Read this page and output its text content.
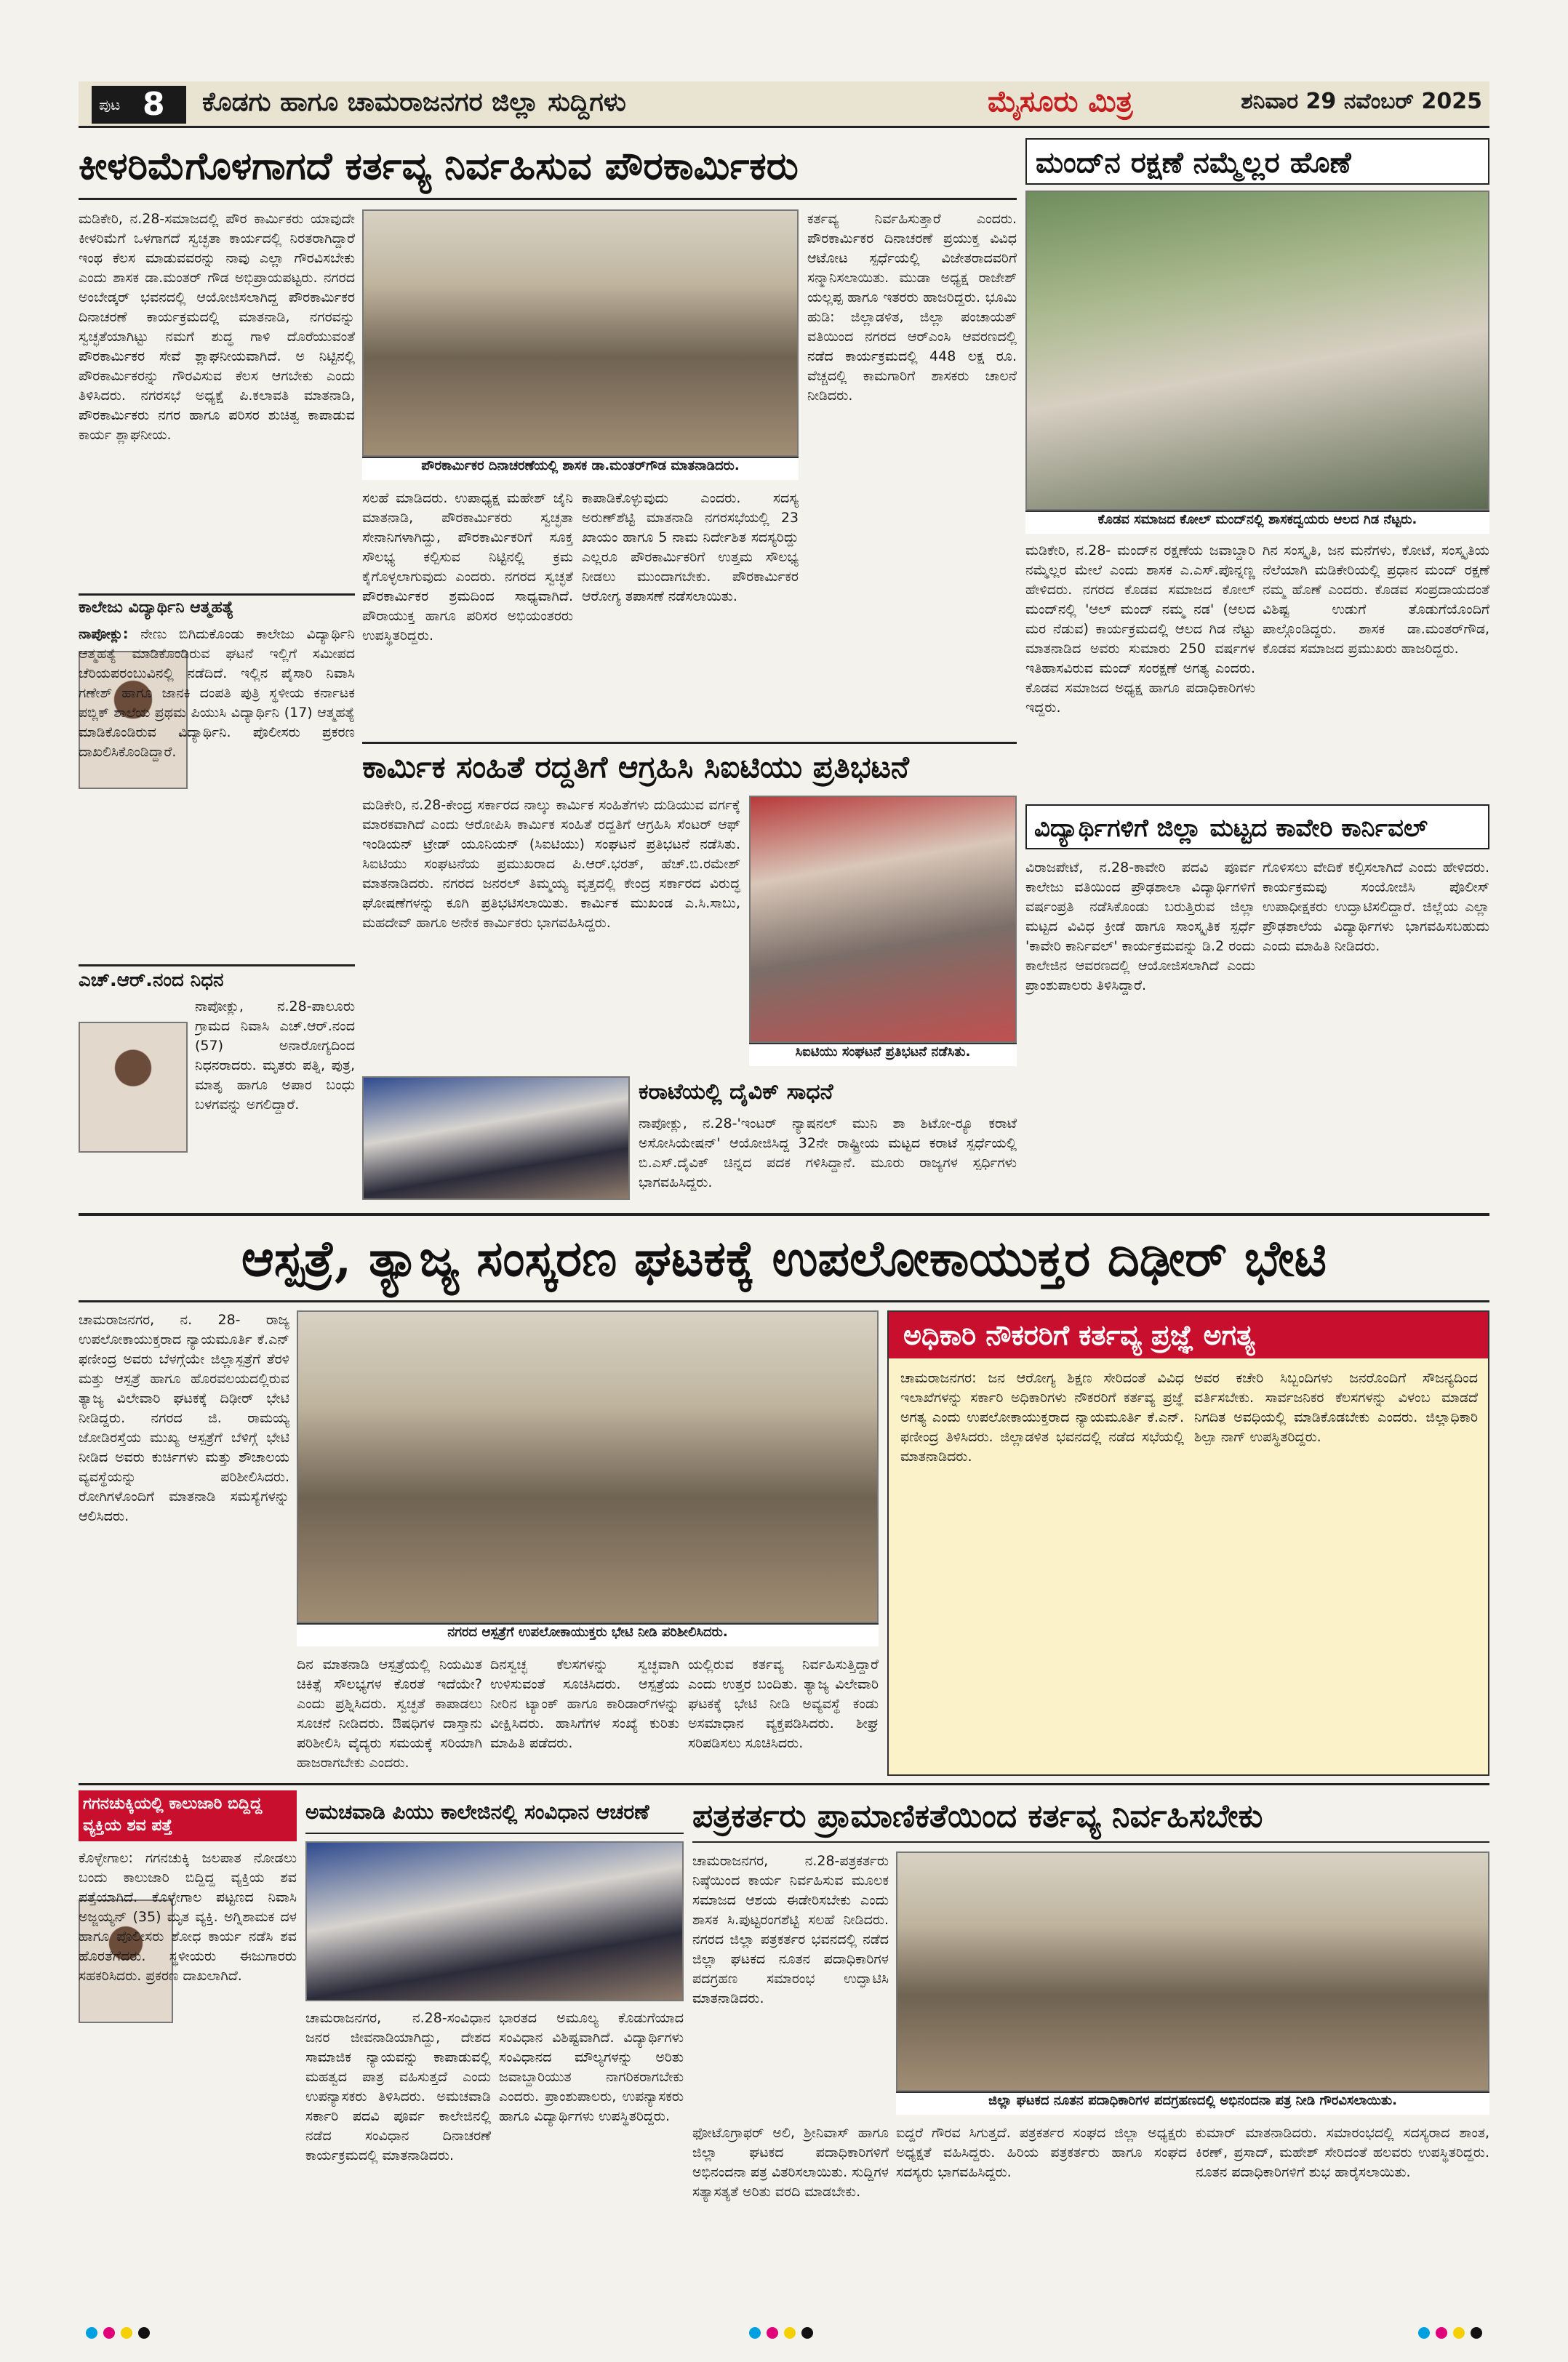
ಪುಟ 8 ಕೊಡಗು ಹಾಗೂ ಚಾಮರಾಜನಗರ ಜಿಲ್ಲಾ ಸುದ್ದಿಗಳು	ಮೈಸೂರು ಮಿತ್ರ	ಶನಿವಾರ 29 ನವೆಂಬರ್ 2025
ಕೀಳರಿಮೆಗೊಳಗಾಗದೆ ಕರ್ತವ್ಯ ನಿರ್ವಹಿಸುವ ಪೌರಕಾರ್ಮಿಕರು
ಮಡಿಕೇರಿ, ನ.28-ಸಮಾಜದಲ್ಲಿ ಪೌರ ಕಾರ್ಮಿಕರು ಯಾವುದೇ ಕೀಳರಿಮೆಗೆ ಒಳಗಾಗದೆ ಸ್ವಚ್ಛತಾ ಕಾರ್ಯದಲ್ಲಿ ನಿರತರಾಗಿದ್ದಾರೆ ಇಂಥ ಕೆಲಸ ಮಾಡುವವರನ್ನು ನಾವು ಎಲ್ಲಾ ಗೌರವಿಸಬೇಕು ಎಂದು ಶಾಸಕ ಡಾ.ಮಂತರ್ ಗೌಡ ಅಭಿಪ್ರಾಯಪಟ್ಟರು. ನಗರದ ಅಂಬೇಡ್ಕರ್ ಭವನದಲ್ಲಿ ಆಯೋಜಿಸಲಾಗಿದ್ದ ಪೌರಕಾರ್ಮಿಕರ ದಿನಾಚರಣೆ ಕಾರ್ಯಕ್ರಮದಲ್ಲಿ ಮಾತನಾಡಿ, ನಗರವನ್ನು ಸ್ವಚ್ಛತೆಯಾಗಿಟ್ಟು ನಮಗೆ ಶುದ್ಧ ಗಾಳಿ ದೊರೆಯುವಂತೆ ಪೌರಕಾರ್ಮಿಕರ ಸೇವೆ ಶ್ಲಾಘನೀಯವಾಗಿದೆ. ಅ ನಿಟ್ಟಿನಲ್ಲಿ ಪೌರಕಾರ್ಮಿಕರನ್ನು ಗೌರವಿಸುವ ಕೆಲಸ ಆಗಬೇಕು ಎಂದು ತಿಳಿಸಿದರು. ನಗರಸಭೆ ಅಧ್ಯಕ್ಷೆ ಪಿ.ಕಲಾವತಿ ಮಾತನಾಡಿ, ಪೌರಕಾರ್ಮಿಕರು ನಗರ ಹಾಗೂ ಪರಿಸರ ಶುಚಿತ್ವ ಕಾಪಾಡುವ ಕಾರ್ಯ ಶ್ಲಾಘನೀಯ.
ಪೌರಕಾರ್ಮಿಕರ ದಿನಾಚರಣೆಯಲ್ಲಿ ಶಾಸಕ ಡಾ.ಮಂತರ್‌ಗೌಡ ಮಾತನಾಡಿದರು.
ಸಲಹೆ ಮಾಡಿದರು. ಉಪಾಧ್ಯಕ್ಷ ಮಹೇಶ್ ಜೈನಿ ಮಾತನಾಡಿ, ಪೌರಕಾರ್ಮಿಕರು ಸ್ವಚ್ಛತಾ ಸೇನಾನಿಗಳಾಗಿದ್ದು, ಪೌರಕಾರ್ಮಿಕರಿಗೆ ಸೂಕ್ತ ಸೌಲಭ್ಯ ಕಲ್ಪಿಸುವ ನಿಟ್ಟಿನಲ್ಲಿ ಕ್ರಮ ಕೈಗೊಳ್ಳಲಾಗುವುದು ಎಂದರು. ನಗರದ ಸ್ವಚ್ಛತೆ ಪೌರಕಾರ್ಮಿಕರ ಶ್ರಮದಿಂದ ಸಾಧ್ಯವಾಗಿದೆ. ಪೌರಾಯುಕ್ತ ಹಾಗೂ ಪರಿಸರ ಅಭಿಯಂತರರು ಉಪಸ್ಥಿತರಿದ್ದರು.
ಕಾಪಾಡಿಕೊಳ್ಳುವುದು ಎಂದರು. ಸದಸ್ಯ ಅರುಣ್‌ಶೆಟ್ಟಿ ಮಾತನಾಡಿ ನಗರಸಭೆಯಲ್ಲಿ 23 ಖಾಯಂ ಹಾಗೂ 5 ನಾಮ ನಿರ್ದೇಶಿತ ಸದಸ್ಯರಿದ್ದು ಎಲ್ಲರೂ ಪೌರಕಾರ್ಮಿಕರಿಗೆ ಉತ್ತಮ ಸೌಲಭ್ಯ ನೀಡಲು ಮುಂದಾಗಬೇಕು. ಪೌರಕಾರ್ಮಿಕರ ಆರೋಗ್ಯ ತಪಾಸಣೆ ನಡೆಸಲಾಯಿತು.
ಕರ್ತವ್ಯ ನಿರ್ವಹಿಸುತ್ತಾರೆ ಎಂದರು. ಪೌರಕಾರ್ಮಿಕರ ದಿನಾಚರಣೆ ಪ್ರಯುಕ್ತ ವಿವಿಧ ಆಟೋಟ ಸ್ಪರ್ಧೆಯಲ್ಲಿ ವಿಜೇತರಾದವರಿಗೆ ಸನ್ಮಾನಿಸಲಾಯಿತು. ಮುಡಾ ಅಧ್ಯಕ್ಷ ರಾಜೇಶ್ ಯಲ್ಲಪ್ಪ ಹಾಗೂ ಇತರರು ಹಾಜರಿದ್ದರು. ಭೂಮಿ ಹುಡಿ: ಜಿಲ್ಲಾಡಳಿತ, ಜಿಲ್ಲಾ ಪಂಚಾಯತ್ ವತಿಯಿಂದ ನಗರದ ಆರ್‌ಎಂಸಿ ಆವರಣದಲ್ಲಿ ನಡೆದ ಕಾರ್ಯಕ್ರಮದಲ್ಲಿ 448 ಲಕ್ಷ ರೂ. ವೆಚ್ಚದಲ್ಲಿ ಕಾಮಗಾರಿಗೆ ಶಾಸಕರು ಚಾಲನೆ ನೀಡಿದರು.
ಮಂದ್‌ನ ರಕ್ಷಣೆ ನಮ್ಮೆಲ್ಲರ ಹೊಣೆ
ಕೊಡವ ಸಮಾಜದ ಕೋಲ್ ಮಂದ್‌ನಲ್ಲಿ ಶಾಸಕದ್ವಯರು ಆಲದ ಗಿಡ ನೆಟ್ಟರು.
ಮಡಿಕೇರಿ, ನ.28- ಮಂದ್‌ನ ರಕ್ಷಣೆಯ ಜವಾಬ್ದಾರಿ ನಮ್ಮೆಲ್ಲರ ಮೇಲೆ ಎಂದು ಶಾಸಕ ಎ.ಎಸ್.ಪೊನ್ನಣ್ಣ ಹೇಳಿದರು. ನಗರದ ಕೊಡವ ಸಮಾಜದ ಕೋಲ್ ಮಂದ್‌ನಲ್ಲಿ 'ಆಲ್ ಮಂದ್ ನಮ್ಮ ನಡ' (ಆಲದ ಮರ ನೆಡುವ) ಕಾರ್ಯಕ್ರಮದಲ್ಲಿ ಆಲದ ಗಿಡ ನೆಟ್ಟು ಮಾತನಾಡಿದ ಅವರು ಸುಮಾರು 250 ವರ್ಷಗಳ ಇತಿಹಾಸವಿರುವ ಮಂದ್ ಸಂರಕ್ಷಣೆ ಅಗತ್ಯ ಎಂದರು. ಕೊಡವ ಸಮಾಜದ ಅಧ್ಯಕ್ಷ ಹಾಗೂ ಪದಾಧಿಕಾರಿಗಳು ಇದ್ದರು.
ಗಿನ ಸಂಸ್ಕೃತಿ, ಜನ ಮನೆಗಳು, ಕೋಟೆ, ಸಂಸ್ಕೃತಿಯ ನೆಲೆಯಾಗಿ ಮಡಿಕೇರಿಯಲ್ಲಿ ಪ್ರಧಾನ ಮಂದ್ ರಕ್ಷಣೆ ನಮ್ಮ ಹೊಣೆ ಎಂದರು. ಕೊಡವ ಸಂಪ್ರದಾಯದಂತೆ ವಿಶಿಷ್ಟ ಉಡುಗೆ ತೊಡುಗೆಯೊಂದಿಗೆ ಪಾಲ್ಗೊಂಡಿದ್ದರು. ಶಾಸಕ ಡಾ.ಮಂತರ್‌ಗೌಡ, ಕೊಡವ ಸಮಾಜದ ಪ್ರಮುಖರು ಹಾಜರಿದ್ದರು.
ಕಾಲೇಜು ವಿದ್ಯಾರ್ಥಿನಿ ಆತ್ಮಹತ್ಯೆ
ನಾಪೋಕ್ಲು: ನೇಣು ಬಿಗಿದುಕೊಂಡು ಕಾಲೇಜು ವಿದ್ಯಾರ್ಥಿನಿ ಆತ್ಮಹತ್ಯೆ ಮಾಡಿಕೊಂಡಿರುವ ಘಟನೆ ಇಲ್ಲಿಗೆ ಸಮೀಪದ ಚೆರಿಯಪರಂಬುವಿನಲ್ಲಿ ನಡೆದಿದೆ. ಇಲ್ಲಿನ ಪೈಸಾರಿ ನಿವಾಸಿ ಗಣೇಶ್ ಹಾಗೂ ಜಾನಕಿ ದಂಪತಿ ಪುತ್ರಿ ಸ್ಥಳೀಯ ಕರ್ನಾಟಕ ಪಬ್ಲಿಕ್ ಶಾಲೆಯ ಪ್ರಥಮ ಪಿಯುಸಿ ವಿದ್ಯಾರ್ಥಿನಿ (17) ಆತ್ಮಹತ್ಯೆ ಮಾಡಿಕೊಂಡಿರುವ ವಿದ್ಯಾರ್ಥಿನಿ. ಪೊಲೀಸರು ಪ್ರಕರಣ ದಾಖಲಿಸಿಕೊಂಡಿದ್ದಾರೆ.	ಕಾರ್ಮಿಕ ಸಂಹಿತೆ ರದ್ದತಿಗೆ ಆಗ್ರಹಿಸಿ ಸಿಐಟಿಯು ಪ್ರತಿಭಟನೆ
ಮಡಿಕೇರಿ, ನ.28-ಕೇಂದ್ರ ಸರ್ಕಾರದ ನಾಲ್ಕು ಕಾರ್ಮಿಕ ಸಂಹಿತೆಗಳು ದುಡಿಯುವ ವರ್ಗಕ್ಕೆ ಮಾರಕವಾಗಿದೆ ಎಂದು ಆರೋಪಿಸಿ ಕಾರ್ಮಿಕ ಸಂಹಿತೆ ರದ್ದತಿಗೆ ಆಗ್ರಹಿಸಿ ಸೆಂಟರ್ ಆಫ್ ಇಂಡಿಯನ್ ಟ್ರೇಡ್ ಯೂನಿಯನ್ (ಸಿಐಟಿಯು) ಸಂಘಟನೆ ಪ್ರತಿಭಟನೆ ನಡೆಸಿತು. ಸಿಐಟಿಯು ಸಂಘಟನೆಯ ಪ್ರಮುಖರಾದ ಪಿ.ಆರ್.ಭರತ್, ಹೆಚ್.ಬಿ.ರಮೇಶ್ ಮಾತನಾಡಿದರು. ನಗರದ ಜನರಲ್ ತಿಮ್ಮಯ್ಯ ವೃತ್ತದಲ್ಲಿ ಕೇಂದ್ರ ಸರ್ಕಾರದ ವಿರುದ್ಧ ಘೋಷಣೆಗಳನ್ನು ಕೂಗಿ ಪ್ರತಿಭಟಿಸಲಾಯಿತು. ಕಾರ್ಮಿಕ ಮುಖಂಡ ಎ.ಸಿ.ಸಾಬು, ಮಹದೇವ್ ಹಾಗೂ ಅನೇಕ ಕಾರ್ಮಿಕರು ಭಾಗವಹಿಸಿದ್ದರು.
ಸಿಐಟಿಯು ಸಂಘಟನೆ ಪ್ರತಿಭಟನೆ ನಡೆಸಿತು.
ವಿದ್ಯಾರ್ಥಿಗಳಿಗೆ ಜಿಲ್ಲಾ ಮಟ್ಟದ ಕಾವೇರಿ ಕಾರ್ನಿವಲ್
ವಿರಾಜಪೇಟೆ, ನ.28-ಕಾವೇರಿ ಪದವಿ ಪೂರ್ವ ಕಾಲೇಜು ವತಿಯಿಂದ ಪ್ರೌಢಶಾಲಾ ವಿದ್ಯಾರ್ಥಿಗಳಿಗೆ ವರ್ಷಂಪ್ರತಿ ನಡೆಸಿಕೊಂಡು ಬರುತ್ತಿರುವ ಜಿಲ್ಲಾ ಮಟ್ಟದ ವಿವಿಧ ಕ್ರೀಡೆ ಹಾಗೂ ಸಾಂಸ್ಕೃತಿಕ ಸ್ಪರ್ಧೆ 'ಕಾವೇರಿ ಕಾರ್ನಿವಲ್' ಕಾರ್ಯಕ್ರಮವನ್ನು ಡಿ.2 ರಂದು ಕಾಲೇಜಿನ ಆವರಣದಲ್ಲಿ ಆಯೋಜಿಸಲಾಗಿದೆ ಎಂದು ಪ್ರಾಂಶುಪಾಲರು ತಿಳಿಸಿದ್ದಾರೆ.
ಗೊಳಿಸಲು ವೇದಿಕೆ ಕಲ್ಪಿಸಲಾಗಿದೆ ಎಂದು ಹೇಳಿದರು. ಕಾರ್ಯಕ್ರಮವು ಸಂಯೋಜಿಸಿ ಪೊಲೀಸ್ ಉಪಾಧೀಕ್ಷಕರು ಉದ್ಘಾಟಿಸಲಿದ್ದಾರೆ. ಜಿಲ್ಲೆಯ ಎಲ್ಲಾ ಪ್ರೌಢಶಾಲೆಯ ವಿದ್ಯಾರ್ಥಿಗಳು ಭಾಗವಹಿಸಬಹುದು ಎಂದು ಮಾಹಿತಿ ನೀಡಿದರು.
ಎಚ್.ಆರ್.ನಂದ ನಿಧನ
ನಾಪೋಕ್ಲು, ನ.28-ಪಾಲೂರು ಗ್ರಾಮದ ನಿವಾಸಿ ಎಚ್.ಆರ್.ನಂದ (57) ಅನಾರೋಗ್ಯದಿಂದ ನಿಧನರಾದರು. ಮೃತರು ಪತ್ನಿ, ಪುತ್ರ, ಮಾತೃ ಹಾಗೂ ಅಪಾರ ಬಂಧು ಬಳಗವನ್ನು ಅಗಲಿದ್ದಾರೆ.	ಕರಾಟೆಯಲ್ಲಿ ದೈವಿಕ್ ಸಾಧನೆ
ನಾಪೋಕ್ಲು, ನ.28-'ಇಂಟರ್ ನ್ಯಾಷನಲ್ ಮುನಿ ಶಾ ಶಿಟೋ-ರ್‍ಯೂ ಕರಾಟೆ ಅಸೋಸಿಯೇಷನ್' ಆಯೋಜಿಸಿದ್ದ 32ನೇ ರಾಷ್ಟ್ರೀಯ ಮಟ್ಟದ ಕರಾಟೆ ಸ್ಪರ್ಧೆಯಲ್ಲಿ ಬಿ.ಎಸ್.ದೈವಿಕ್ ಚಿನ್ನದ ಪದಕ ಗಳಿಸಿದ್ದಾನೆ. ಮೂರು ರಾಜ್ಯಗಳ ಸ್ಪರ್ಧಿಗಳು ಭಾಗವಹಿಸಿದ್ದರು.
ಆಸ್ಪತ್ರೆ, ತ್ಯಾಜ್ಯ ಸಂಸ್ಕರಣ ಘಟಕಕ್ಕೆ ಉಪಲೋಕಾಯುಕ್ತರ ದಿಢೀರ್ ಭೇಟಿ
ಚಾಮರಾಜನಗರ, ನ. 28- ರಾಜ್ಯ ಉಪಲೋಕಾಯುಕ್ತರಾದ ನ್ಯಾಯಮೂರ್ತಿ ಕೆ.ಎನ್ ಫಣೀಂದ್ರ ಅವರು ಬೆಳಗ್ಗೆಯೇ ಜಿಲ್ಲಾಸ್ಪತ್ರೆಗೆ ತೆರಳಿ ಮತ್ತು ಆಸ್ಪತ್ರೆ ಹಾಗೂ ಹೊರವಲಯದಲ್ಲಿರುವ ತ್ಯಾಜ್ಯ ವಿಲೇವಾರಿ ಘಟಕಕ್ಕೆ ದಿಢೀರ್ ಭೇಟಿ ನೀಡಿದ್ದರು. ನಗರದ ಜಿ. ರಾಮಯ್ಯ ಜೋಡಿರಸ್ತೆಯ ಮುಖ್ಯ ಆಸ್ಪತ್ರೆಗೆ ಬೆಳಿಗ್ಗೆ ಭೇಟಿ ನೀಡಿದ ಅವರು ಕುರ್ಚಿಗಳು ಮತ್ತು ಶೌಚಾಲಯ ವ್ಯವಸ್ಥೆಯನ್ನು ಪರಿಶೀಲಿಸಿದರು. ರೋಗಿಗಳೊಂದಿಗೆ ಮಾತನಾಡಿ ಸಮಸ್ಯೆಗಳನ್ನು ಆಲಿಸಿದರು.
ನಗರದ ಆಸ್ಪತ್ರೆಗೆ ಉಪಲೋಕಾಯುಕ್ತರು ಭೇಟಿ ನೀಡಿ ಪರಿಶೀಲಿಸಿದರು.
ದಿನ ಮಾತನಾಡಿ ಆಸ್ಪತ್ರೆಯಲ್ಲಿ ನಿಯಮಿತ ಚಿಕಿತ್ಸೆ ಸೌಲಭ್ಯಗಳ ಕೊರತೆ ಇದೆಯೇ? ಎಂದು ಪ್ರಶ್ನಿಸಿದರು. ಸ್ವಚ್ಛತೆ ಕಾಪಾಡಲು ಸೂಚನೆ ನೀಡಿದರು. ಔಷಧಿಗಳ ದಾಸ್ತಾನು ಪರಿಶೀಲಿಸಿ ವೈದ್ಯರು ಸಮಯಕ್ಕೆ ಸರಿಯಾಗಿ ಹಾಜರಾಗಬೇಕು ಎಂದರು.
ದಿನಸ್ವಚ್ಛ ಕೆಲಸಗಳನ್ನು ಸ್ವಚ್ಛವಾಗಿ ಉಳಿಸುವಂತೆ ಸೂಚಿಸಿದರು. ಆಸ್ಪತ್ರೆಯ ನೀರಿನ ಟ್ಯಾಂಕ್ ಹಾಗೂ ಕಾರಿಡಾರ್‌ಗಳನ್ನು ವೀಕ್ಷಿಸಿದರು. ಹಾಸಿಗೆಗಳ ಸಂಖ್ಯೆ ಕುರಿತು ಮಾಹಿತಿ ಪಡೆದರು.
ಯಲ್ಲಿರುವ ಕರ್ತವ್ಯ ನಿರ್ವಹಿಸುತ್ತಿದ್ದಾರೆ ಎಂದು ಉತ್ತರ ಬಂದಿತು. ತ್ಯಾಜ್ಯ ವಿಲೇವಾರಿ ಘಟಕಕ್ಕೆ ಭೇಟಿ ನೀಡಿ ಅವ್ಯವಸ್ಥೆ ಕಂಡು ಅಸಮಾಧಾನ ವ್ಯಕ್ತಪಡಿಸಿದರು. ಶೀಘ್ರ ಸರಿಪಡಿಸಲು ಸೂಚಿಸಿದರು.
ಅಧಿಕಾರಿ ನೌಕರರಿಗೆ ಕರ್ತವ್ಯ ಪ್ರಜ್ಞೆ ಅಗತ್ಯ
ಚಾಮರಾಜನಗರ: ಜನ ಆರೋಗ್ಯ ಶಿಕ್ಷಣ ಸೇರಿದಂತೆ ವಿವಿಧ ಇಲಾಖೆಗಳನ್ನು ಸರ್ಕಾರಿ ಅಧಿಕಾರಿಗಳು ನೌಕರರಿಗೆ ಕರ್ತವ್ಯ ಪ್ರಜ್ಞೆ ಅಗತ್ಯ ಎಂದು ಉಪಲೋಕಾಯುಕ್ತರಾದ ನ್ಯಾಯಮೂರ್ತಿ ಕೆ.ಎನ್. ಫಣೀಂದ್ರ ತಿಳಿಸಿದರು. ಜಿಲ್ಲಾಡಳಿತ ಭವನದಲ್ಲಿ ನಡೆದ ಸಭೆಯಲ್ಲಿ ಮಾತನಾಡಿದರು.
ಅವರ ಕಚೇರಿ ಸಿಬ್ಬಂದಿಗಳು ಜನರೊಂದಿಗೆ ಸೌಜನ್ಯದಿಂದ ವರ್ತಿಸಬೇಕು. ಸಾರ್ವಜನಿಕರ ಕೆಲಸಗಳನ್ನು ವಿಳಂಬ ಮಾಡದೆ ನಿಗದಿತ ಅವಧಿಯಲ್ಲಿ ಮಾಡಿಕೊಡಬೇಕು ಎಂದರು. ಜಿಲ್ಲಾಧಿಕಾರಿ ಶಿಲ್ಪಾ ನಾಗ್ ಉಪಸ್ಥಿತರಿದ್ದರು.
ಗಗನಚುಕ್ಕಿಯಲ್ಲಿ ಕಾಲುಜಾರಿ ಬಿದ್ದಿದ್ದ ವ್ಯಕ್ತಿಯ ಶವ ಪತ್ತೆ
ಕೊಳ್ಳೇಗಾಲ: ಗಗನಚುಕ್ಕಿ ಜಲಪಾತ ನೋಡಲು ಬಂದು ಕಾಲುಜಾರಿ ಬಿದ್ದಿದ್ದ ವ್ಯಕ್ತಿಯ ಶವ ಪತ್ತೆಯಾಗಿದೆ. ಕೊಳ್ಳೇಗಾಲ ಪಟ್ಟಣದ ನಿವಾಸಿ ಅಜ್ಜಯ್ಯನ್ (35) ಮೃತ ವ್ಯಕ್ತಿ. ಅಗ್ನಿಶಾಮಕ ದಳ ಹಾಗೂ ಪೊಲೀಸರು ಶೋಧ ಕಾರ್ಯ ನಡೆಸಿ ಶವ ಹೊರತೆಗೆದರು. ಸ್ಥಳೀಯರು ಈಜುಗಾರರು ಸಹಕರಿಸಿದರು. ಪ್ರಕರಣ ದಾಖಲಾಗಿದೆ.
ಅಮಚವಾಡಿ ಪಿಯು ಕಾಲೇಜಿನಲ್ಲಿ ಸಂವಿಧಾನ ಆಚರಣೆ
ಚಾಮರಾಜನಗರ, ನ.28-ಸಂವಿಧಾನ ಜನರ ಜೀವನಾಡಿಯಾಗಿದ್ದು, ದೇಶದ ಸಾಮಾಜಿಕ ನ್ಯಾಯವನ್ನು ಕಾಪಾಡುವಲ್ಲಿ ಮಹತ್ವದ ಪಾತ್ರ ವಹಿಸುತ್ತದೆ ಎಂದು ಉಪನ್ಯಾಸಕರು ತಿಳಿಸಿದರು. ಅಮಚವಾಡಿ ಸರ್ಕಾರಿ ಪದವಿ ಪೂರ್ವ ಕಾಲೇಜಿನಲ್ಲಿ ನಡೆದ ಸಂವಿಧಾನ ದಿನಾಚರಣೆ ಕಾರ್ಯಕ್ರಮದಲ್ಲಿ ಮಾತನಾಡಿದರು.
ಭಾರತದ ಅಮೂಲ್ಯ ಕೊಡುಗೆಯಾದ ಸಂವಿಧಾನ ವಿಶಿಷ್ಟವಾಗಿದೆ. ವಿದ್ಯಾರ್ಥಿಗಳು ಸಂವಿಧಾನದ ಮೌಲ್ಯಗಳನ್ನು ಅರಿತು ಜವಾಬ್ದಾರಿಯುತ ನಾಗರಿಕರಾಗಬೇಕು ಎಂದರು. ಪ್ರಾಂಶುಪಾಲರು, ಉಪನ್ಯಾಸಕರು ಹಾಗೂ ವಿದ್ಯಾರ್ಥಿಗಳು ಉಪಸ್ಥಿತರಿದ್ದರು.
ಪತ್ರಕರ್ತರು ಪ್ರಾಮಾಣಿಕತೆಯಿಂದ ಕರ್ತವ್ಯ ನಿರ್ವಹಿಸಬೇಕು
ಚಾಮರಾಜನಗರ, ನ.28-ಪತ್ರಕರ್ತರು ನಿಷ್ಠೆಯಿಂದ ಕಾರ್ಯ ನಿರ್ವಹಿಸುವ ಮೂಲಕ ಸಮಾಜದ ಆಶಯ ಈಡೇರಿಸಬೇಕು ಎಂದು ಶಾಸಕ ಸಿ.ಪುಟ್ಟರಂಗಶೆಟ್ಟಿ ಸಲಹೆ ನೀಡಿದರು. ನಗರದ ಜಿಲ್ಲಾ ಪತ್ರಕರ್ತರ ಭವನದಲ್ಲಿ ನಡೆದ ಜಿಲ್ಲಾ ಘಟಕದ ನೂತನ ಪದಾಧಿಕಾರಿಗಳ ಪದಗ್ರಹಣ ಸಮಾರಂಭ ಉದ್ಘಾಟಿಸಿ ಮಾತನಾಡಿದರು.
ಜಿಲ್ಲಾ ಘಟಕದ ನೂತನ ಪದಾಧಿಕಾರಿಗಳ ಪದಗ್ರಹಣದಲ್ಲಿ ಅಭಿನಂದನಾ ಪತ್ರ ನೀಡಿ ಗೌರವಿಸಲಾಯಿತು.
ಫೋಟೊಗ್ರಾಫರ್ ಅಲಿ, ಶ್ರೀನಿವಾಸ್ ಹಾಗೂ ಜಿಲ್ಲಾ ಘಟಕದ ಪದಾಧಿಕಾರಿಗಳಿಗೆ ಅಭಿನಂದನಾ ಪತ್ರ ವಿತರಿಸಲಾಯಿತು. ಸುದ್ದಿಗಳ ಸತ್ಯಾಸತ್ಯತೆ ಅರಿತು ವರದಿ ಮಾಡಬೇಕು.
ಐದ್ದರೆ ಗೌರವ ಸಿಗುತ್ತದೆ. ಪತ್ರಕರ್ತರ ಸಂಘದ ಜಿಲ್ಲಾ ಅಧ್ಯಕ್ಷರು ಅಧ್ಯಕ್ಷತೆ ವಹಿಸಿದ್ದರು. ಹಿರಿಯ ಪತ್ರಕರ್ತರು ಹಾಗೂ ಸಂಘದ ಸದಸ್ಯರು ಭಾಗವಹಿಸಿದ್ದರು.
ಕುಮಾರ್ ಮಾತನಾಡಿದರು. ಸಮಾರಂಭದಲ್ಲಿ ಸದಸ್ಯರಾದ ಶಾಂತ, ಕಿರಣ್, ಪ್ರಸಾದ್, ಮಹೇಶ್ ಸೇರಿದಂತೆ ಹಲವರು ಉಪಸ್ಥಿತರಿದ್ದರು. ನೂತನ ಪದಾಧಿಕಾರಿಗಳಿಗೆ ಶುಭ ಹಾರೈಸಲಾಯಿತು.
